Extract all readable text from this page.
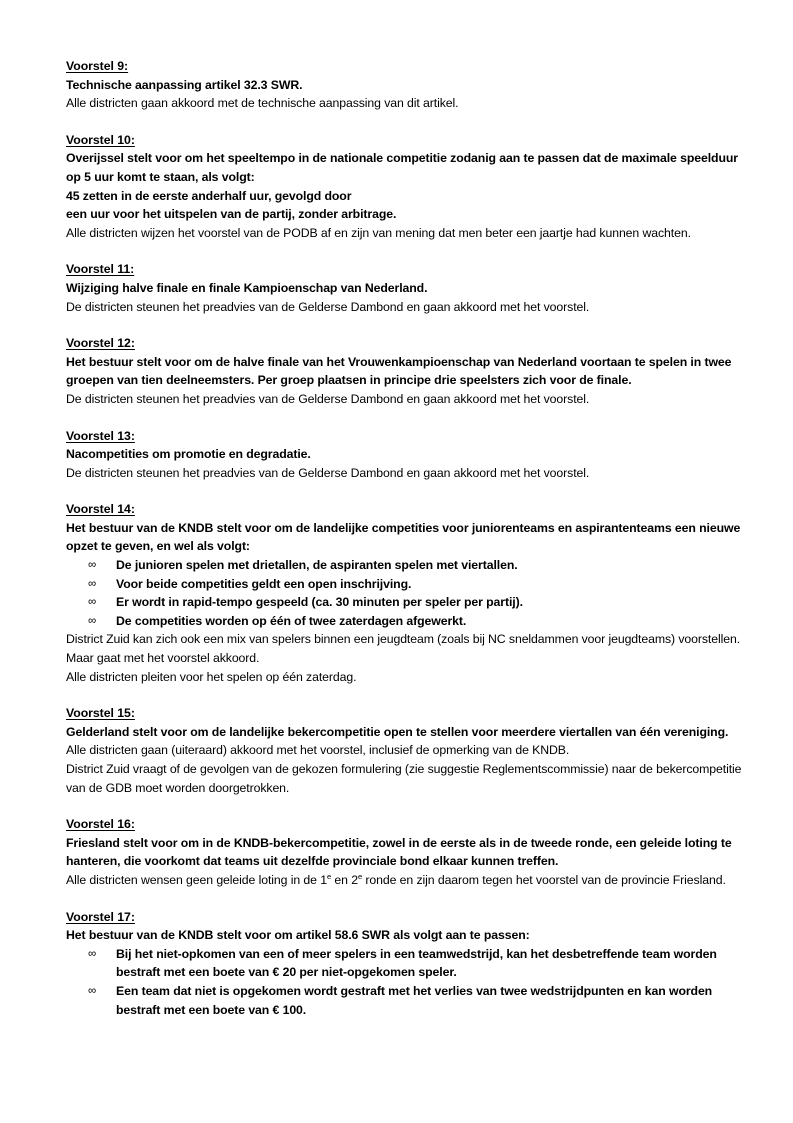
Voorstel 9:
Technische aanpassing artikel 32.3 SWR.
Alle districten gaan akkoord met de technische aanpassing van dit artikel.
Voorstel 10:
Overijssel stelt voor om het speeltempo in de nationale competitie zodanig aan te passen dat de maximale speelduur op 5 uur komt te staan, als volgt:
45 zetten in de eerste anderhalf uur, gevolgd door
een uur voor het uitspelen van de partij, zonder arbitrage.
Alle districten wijzen het voorstel van de PODB af en zijn van mening dat men beter een jaartje had kunnen wachten.
Voorstel 11:
Wijziging halve finale en finale Kampioenschap van Nederland.
De districten steunen het preadvies van de Gelderse Dambond en gaan akkoord met het voorstel.
Voorstel 12:
Het bestuur stelt voor om de halve finale van het Vrouwenkampioenschap van Nederland voortaan te spelen in twee groepen van tien deelneemsters. Per groep plaatsen in principe drie speelsters zich voor de finale.
De districten steunen het preadvies van de Gelderse Dambond en gaan akkoord met het voorstel.
Voorstel 13:
Nacompetities om promotie en degradatie.
De districten steunen het preadvies van de Gelderse Dambond en gaan akkoord met het voorstel.
Voorstel 14:
Het bestuur van de KNDB stelt voor om de landelijke competities voor juniorenteams en aspirantenteams een nieuwe opzet te geven, en wel als volgt:
∞ De junioren spelen met drietallen, de aspiranten spelen met viertallen.
∞ Voor beide competities geldt een open inschrijving.
∞ Er wordt in rapid-tempo gespeeld (ca. 30 minuten per speler per partij).
∞ De competities worden op één of twee zaterdagen afgewerkt.
District Zuid kan zich ook een mix van spelers binnen een jeugdteam (zoals bij NC sneldammen voor jeugdteams) voorstellen. Maar gaat met het voorstel akkoord.
Alle districten pleiten voor het spelen op één zaterdag.
Voorstel 15:
Gelderland stelt voor om de landelijke bekercompetitie open te stellen voor meerdere viertallen van één vereniging.
Alle districten gaan (uiteraard) akkoord met het voorstel, inclusief de opmerking van de KNDB.
District Zuid vraagt of de gevolgen van de gekozen formulering (zie suggestie Reglementscommissie) naar de bekercompetitie van de GDB moet worden doorgetrokken.
Voorstel 16:
Friesland stelt voor om in de KNDB-bekercompetitie, zowel in de eerste als in de tweede ronde, een geleide loting te hanteren, die voorkomt dat teams uit dezelfde provinciale bond elkaar kunnen treffen.
Alle districten wensen geen geleide loting in de 1e en 2e ronde en zijn daarom tegen het voorstel van de provincie Friesland.
Voorstel 17:
Het bestuur van de KNDB stelt voor om artikel 58.6 SWR als volgt aan te passen:
∞ Bij het niet-opkomen van een of meer spelers in een teamwedstrijd, kan het desbetreffende team worden bestraft met een boete van € 20 per niet-opgekomen speler.
∞ Een team dat niet is opgekomen wordt gestraft met het verlies van twee wedstrijdpunten en kan worden bestraft met een boete van € 100.
